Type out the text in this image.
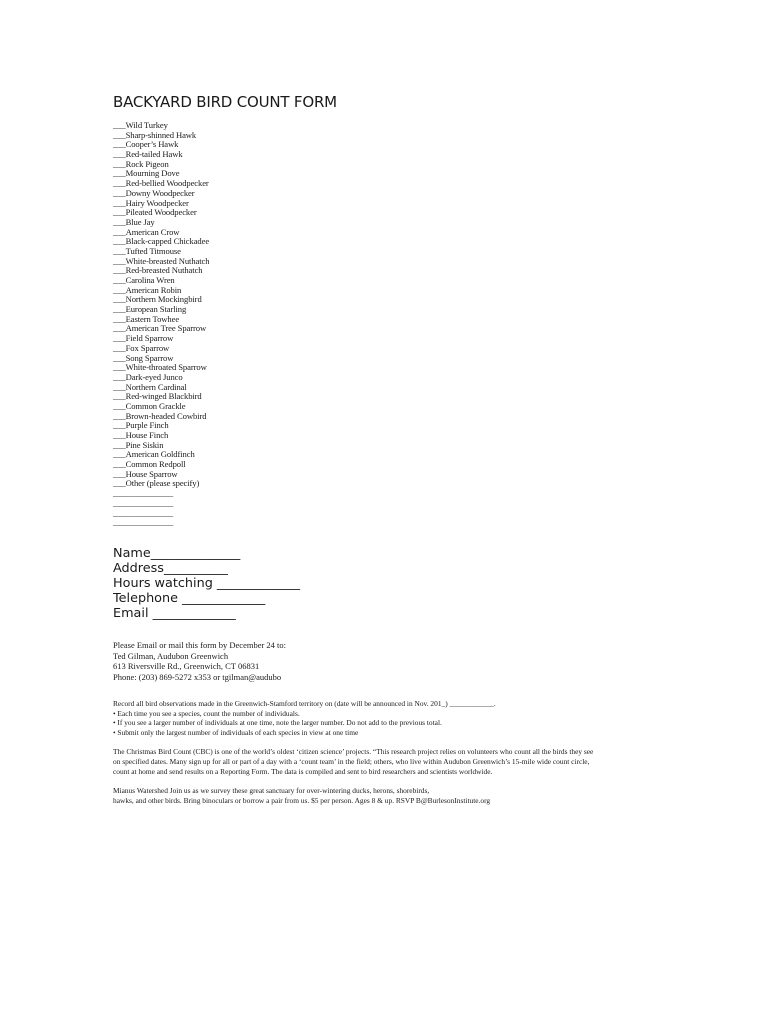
BACKYARD BIRD COUNT FORM
___Wild Turkey
___Sharp-shinned Hawk
___Cooper’s Hawk
___Red-tailed Hawk
___Rock Pigeon
___Mourning Dove
___Red-bellied Woodpecker
___Downy Woodpecker
___Hairy Woodpecker
___Pileated Woodpecker
___Blue Jay
___American Crow
___Black-capped Chickadee
___Tufted Titmouse
___White-breasted Nuthatch
___Red-breasted Nuthatch
___Carolina Wren
___American Robin
___Northern Mockingbird
___European Starling
___Eastern Towhee
___American Tree Sparrow
___Field Sparrow
___Fox Sparrow
___Song Sparrow
___White-throated Sparrow
___Dark-eyed Junco
___Northern Cardinal
___Red-winged Blackbird
___Common Grackle
___Brown-headed Cowbird
___Purple Finch
___House Finch
___Pine Siskin
___American Goldfinch
___Common Redpoll
___House Sparrow
___Other (please specify)
______________
______________
______________
______________
Name______________
Address__________
Hours watching _____________
Telephone _____________
Email _____________
Please Email or mail this form by December 24 to:
Ted Gilman, Audubon Greenwich
613 Riversville Rd., Greenwich, CT 06831
Phone: (203) 869-5272 x353 or tgilman@audubo
Record all bird observations made in the Greenwich-Stamford territory on (date will be announced in Nov. 201_) ____________.
• Each time you see a species, count the number of individuals.
• If you see a larger number of individuals at one time, note the larger number. Do not add to the previous total.
• Submit only the largest number of individuals of each species in view at one time
The Christmas Bird Count (CBC) is one of the world’s oldest ‘citizen science’ projects. “This research project relies on volunteers who count all the birds they see
on specified dates. Many sign up for all or part of a day with a ‘count team’ in the field; others, who live within Audubon Greenwich’s 15-mile wide count circle,
count at home and send results on a Reporting Form. The data is compiled and sent to bird researchers and scientists worldwide.
Mianus Watershed Join us as we survey these great sanctuary for over-wintering ducks, herons, shorebirds,
hawks, and other birds. Bring binoculars or borrow a pair from us. $5 per person. Ages 8 & up. RSVP B@BurlesonInstitute.org
